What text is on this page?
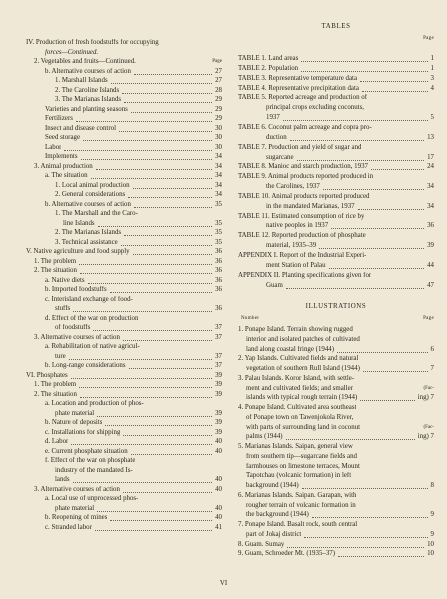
IV. Production of fresh foodstuffs for occupying
forces—Continued.
2. Vegetables and fruits—Continued.	Page
b. Alternative courses of action	27
1. Marshall Islands	27
2. The Caroline Islands	28
3. The Marianas Islands	29
Varieties and planting seasons	29
Fertilizers	29
Insect and disease control	30
Seed storage	30
Labor	30
Implements	34
3. Animal production	34
a. The situation	34
1. Local animal production	34
2. General considerations	34
b. Alternative courses of action	35
1. The Marshall and the Caro-
line Islands	35
2. The Marianas Islands	35
3. Technical assistance	35
V. Native agriculture and food supply	36
1. The problem	36
2. The situation	36
a. Native diets	36
b. Imported foodstuffs	36
c. Interisland exchange of food-
stuffs	36
d. Effect of the war on production
of foodstuffs	37
3. Alternative courses of action	37
a. Rehabilitation of native agricul-
ture	37
b. Long-range considerations	37
VI. Phosphates	39
1. The problem	39
2. The situation	39
a. Location and production of phos-
phate material	39
b. Nature of deposits	39
c. Installations for shipping	39
d. Labor	40
e. Current phosphate situation	40
f. Effect of the war on phosphate
industry of the mandated Is-
lands	40
3. Alternative courses of action	40
a. Local use of unprocessed phos-
phate material	40
b. Reopening of mines	40
c. Stranded labor	41
TABLES
Page
ILLUSTRATIONS
Number	Page
TABLE 1. Land areas	1
TABLE 2. Population	1
TABLE 3. Representative temperature data	3
TABLE 4. Representative precipitation data	4
TABLE 5. Reported acreage and production of
principal crops excluding coconuts,
1937	5
TABLE 6. Coconut palm acreage and copra pro-
duction	13
TABLE 7. Production and yield of sugar and
sugarcane	17
TABLE 8. Manioc and starch production, 1937	24
TABLE 9. Animal products reported produced in
the Carolines, 1937	34
TABLE 10. Animal products reported produced
in the mandated Marianas, 1937	34
TABLE 11. Estimated consumption of rice by
native peoples in 1937	36
TABLE 12. Reported production of phosphate
material, 1935–39	39
APPENDIX I. Report of the Industrial Experi-
ment Station of Palau	44
APPENDIX II. Planting specifications given for
Guam	47
1. Ponape Island. Terrain showing rugged
interior and isolated patches of cultivated
land along coastal fringe (1944)	6
2. Yap Islands. Cultivated fields and natural
vegetation of southern Rull Island (1944)	7
3. Palau Islands. Koror Island, with settle-
ment and cultivated fields; and smaller	(Fac-
islands with typical rough terrain (1944)	ing) 7
4. Ponape Island. Cultivated area southeast
of Ponape town on Tawenjokola River,
with parts of surrounding land in coconut	(Fac-
palms (1944)	ing) 7
5. Marianas Islands. Saipan, general view
from southern tip—sugarcane fields and
farmhouses on limestone terraces, Mount
Tapotchau (volcanic formation) in left
background (1944)	8
6. Marianas Islands. Saipan. Garapan, with
rougher terrain of volcanic formation in
the background (1944)	9
7. Ponape Island. Basalt rock, south central
part of Jokaj district	9
8. Guam. Sumay	10
9. Guam, Schroeder Mt. (1935–37)	10
VI
